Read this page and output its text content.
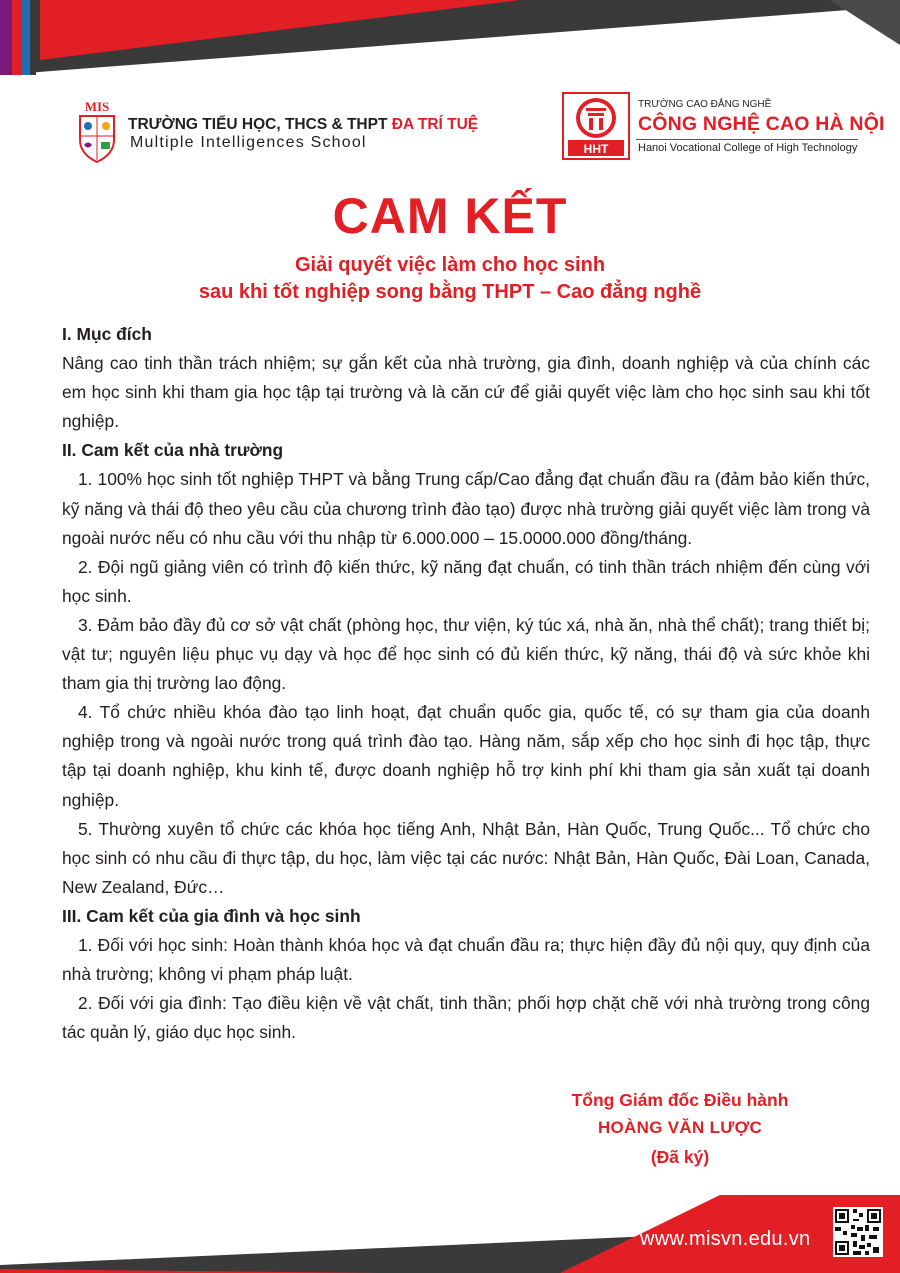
MIS
TRƯỜNG TIỂU HỌC, THCS & THPT ĐA TRÍ TUỆ
Multiple Intelligences School	HHT
TRƯỜNG CAO ĐẲNG NGHỀ
CÔNG NGHỆ CAO HÀ NỘI
Hanoi Vocational College of High Technology
CAM KẾT
Giải quyết việc làm cho học sinh
sau khi tốt nghiệp song bằng THPT – Cao đẳng nghề

I. Mục đích

Nâng cao tinh thần trách nhiệm; sự gắn kết của nhà trường, gia đình, doanh nghiệp và của chính các em học sinh khi tham gia học tập tại trường và là căn cứ để giải quyết việc làm cho học sinh sau khi tốt nghiệp.

II. Cam kết của nhà trường

1. 100% học sinh tốt nghiệp THPT và bằng Trung cấp/Cao đẳng đạt chuẩn đầu ra (đảm bảo kiến thức, kỹ năng và thái độ theo yêu cầu của chương trình đào tạo) được nhà trường giải quyết việc làm trong và ngoài nước nếu có nhu cầu với thu nhập từ 6.000.000 – 15.0000.000 đồng/tháng.

2. Đội ngũ giảng viên có trình độ kiến thức, kỹ năng đạt chuẩn, có tinh thần trách nhiệm đến cùng với học sinh.

3. Đảm bảo đầy đủ cơ sở vật chất (phòng học, thư viện, ký túc xá, nhà ăn, nhà thể chất); trang thiết bị; vật tư; nguyên liệu phục vụ dạy và học để học sinh có đủ kiến thức, kỹ năng, thái độ và sức khỏe khi tham gia thị trường lao động.

4. Tổ chức nhiều khóa đào tạo linh hoạt, đạt chuẩn quốc gia, quốc tế, có sự tham gia của doanh nghiệp trong và ngoài nước trong quá trình đào tạo. Hàng năm, sắp xếp cho học sinh đi học tập, thực tập tại doanh nghiệp, khu kinh tế, được doanh nghiệp hỗ trợ kinh phí khi tham gia sản xuất tại doanh nghiệp.

5. Thường xuyên tổ chức các khóa học tiếng Anh, Nhật Bản, Hàn Quốc, Trung Quốc... Tổ chức cho học sinh có nhu cầu đi thực tập, du học, làm việc tại các nước: Nhật Bản, Hàn Quốc, Đài Loan, Canada, New Zealand, Đức…

III. Cam kết của gia đình và học sinh

1. Đối với học sinh: Hoàn thành khóa học và đạt chuẩn đầu ra; thực hiện đầy đủ nội quy, quy định của nhà trường; không vi phạm pháp luật.

2. Đối với gia đình: Tạo điều kiện về vật chất, tinh thần; phối hợp chặt chẽ với nhà trường trong công tác quản lý, giáo dục học sinh.

Tổng Giám đốc Điều hành
HOÀNG VĂN LƯỢC
(Đã ký)
www.misvn.edu.vn
